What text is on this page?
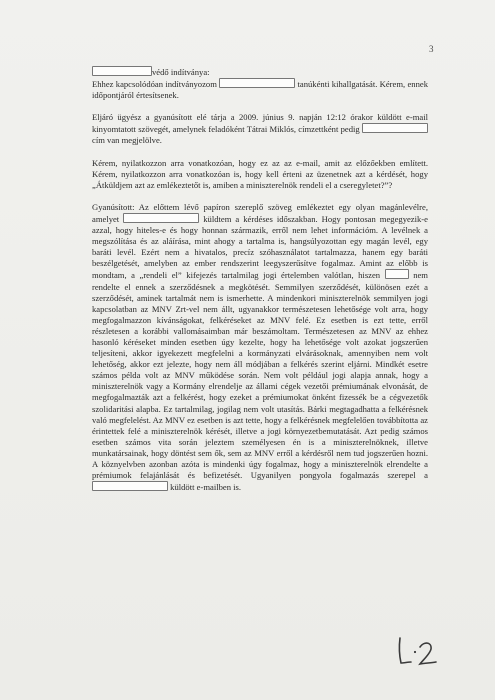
3

védő indítványa:
Ehhez kapcsolódóan indítványozom	tanúkénti kihallgatását. Kérem, ennek időpontjáról értesítsenek.

Eljáró ügyész a gyanúsított elé tárja a 2009. június 9. napján 12:12 órakor küldött e-mail kinyomtatott szövegét, amelynek feladóként Tátrai Miklós, címzettként pedig  cím van megjelölve.

Kérem, nyilatkozzon arra vonatkozóan, hogy ez az az e-mail, amit az előzőekben említett. Kérem, nyilatkozzon arra vonatkozóan is, hogy kell érteni az üzenetnek azt a kérdését, hogy „Átküldjem azt az emlékeztetőt is, amiben a miniszterelnök rendeli el a cseregyletet?”?

Gyanúsított: Az előttem lévő papíron szereplő szöveg emlékeztet egy olyan magánlevélre, amelyet	küldtem a kérdéses időszakban. Hogy pontosan megegyezik-e azzal, hogy hiteles-e és hogy honnan származik, erről nem lehet információm. A levélnek a megszólítása és az aláírása, mint ahogy a tartalma is, hangsúlyozottan egy magán levél, egy baráti levél. Ezért nem a hivatalos, precíz szóhasználatot tartalmazza, hanem egy baráti beszélgetését, amelyben az ember rendszerint leegyszerűsítve fogalmaz. Amint az előbb is mondtam, a „rendeli el” kifejezés tartalmilag jogi értelemben valótlan, hiszen	nem rendelte el ennek a szerződésnek a megkötését. Semmilyen szerződését, különösen ezét a szerződését, aminek tartalmát nem is ismerhette. A mindenkori miniszterelnök semmilyen jogi kapcsolatban az MNV Zrt-vel nem állt, ugyanakkor természetesen lehetősége volt arra, hogy megfogalmazzon kívánságokat, felkéréseket az MNV felé. Ez esetben is ezt tette, erről részletesen a korábbi vallomásaimban már beszámoltam. Természetesen az MNV az ehhez hasonló kéréseket minden esetben úgy kezelte, hogy ha lehetősége volt azokat jogszerűen teljesíteni, akkor igyekezett megfelelni a kormányzati elvárásoknak, amennyiben nem volt lehetőség, akkor ezt jelezte, hogy nem áll módjában a felkérés szerint eljárni. Mindkét esetre számos példa volt az MNV működése során. Nem volt például jogi alapja annak, hogy a miniszterelnök vagy a Kormány elrendelje az állami cégek vezetői prémiumának elvonását, de megfogalmazták azt a felkérést, hogy ezeket a prémiumokat önként fizessék be a cégvezetők szolidaritási alapba. Ez tartalmilag, jogilag nem volt utasítás. Bárki megtagadhatta a felkérésnek való megfelelést. Az MNV ez esetben is azt tette, hogy a felkérésnek megfelelően továbbította az érintettek felé a miniszterelnök kérését, illetve a jogi környezetbemutatását. Azt pedig számos esetben számos vita során jeleztem személyesen én is a miniszterelnöknek, illetve munkatársainak, hogy döntést sem ők, sem az MNV erről a kérdésről nem tud jogszerűen hozni. A köznyelvben azonban azóta is mindenki úgy fogalmaz, hogy a miniszterelnök elrendelte a prémiumok felajánlását és befizetését. Ugyanilyen pongyola fogalmazás szerepel a  küldött e-mailben is.
